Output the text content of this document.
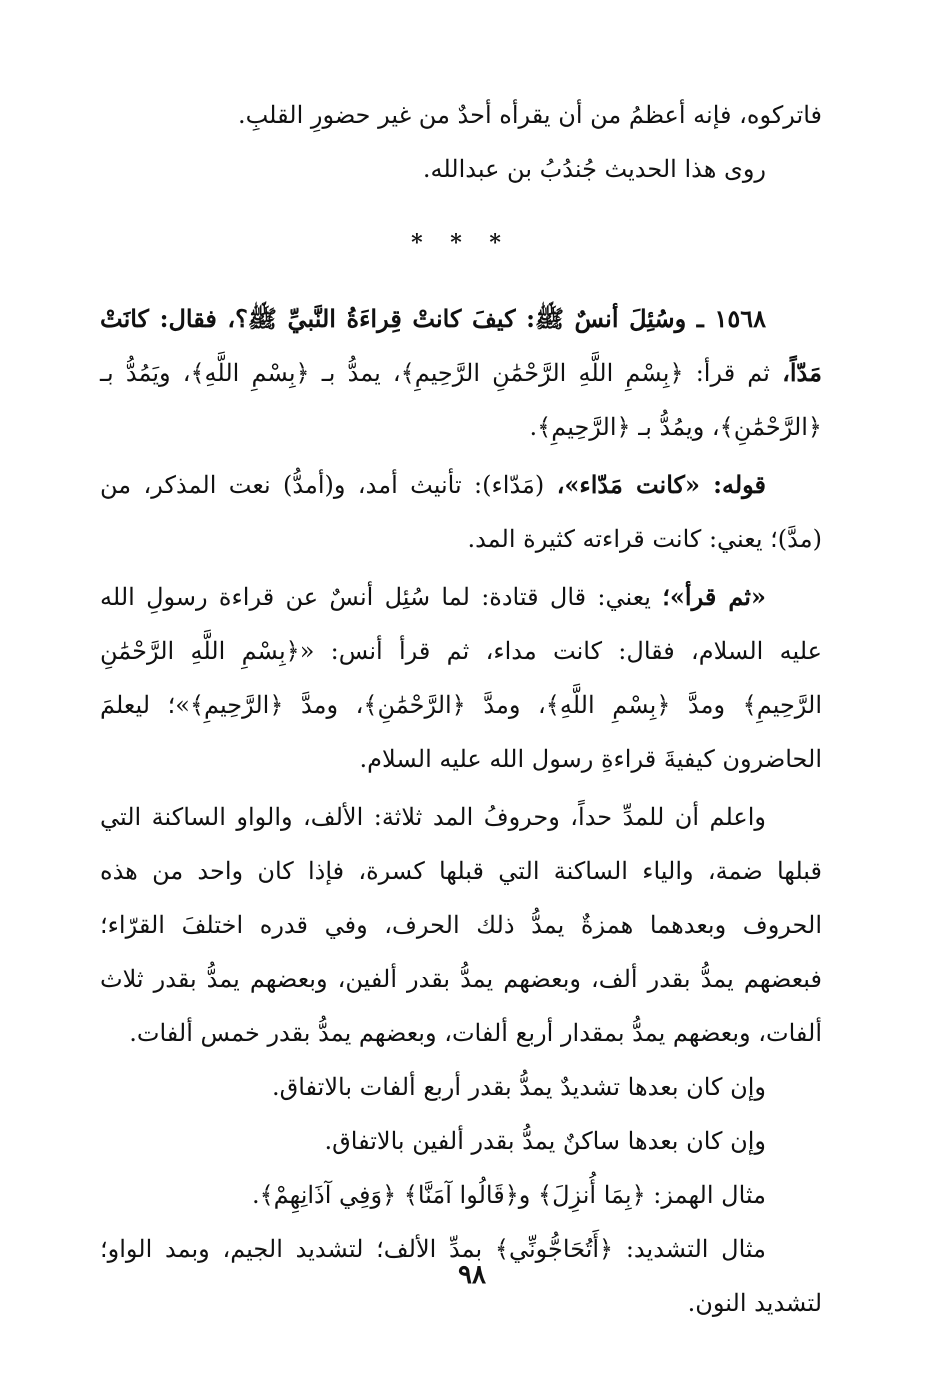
فاتركوه، فإنه أعظمُ من أن يقرأه أحدٌ من غير حضورِ القلبِ.

روى هذا الحديث جُندُبُ بن عبدالله.

* * *

١٥٦٨ ـ وسُئِلَ أنسٌ ﷺ: كيفَ كانتْ قِراءَةُ النَّبيِّ ﷺ؟، فقال: كانَتْ مَدّاً، ثم قرأ: ﴿بِسْمِ اللَّهِ الرَّحْمَٰنِ الرَّحِيمِ﴾، يمدُّ بـ ﴿بِسْمِ اللَّهِ﴾، ويَمُدُّ بـ ﴿الرَّحْمَٰنِ﴾، ويمُدُّ بـ ﴿الرَّحِيمِ﴾.

قوله: «كانت مَدّاء»، (مَدّاء): تأنيث أمد، و(أمدُّ) نعت المذكر، من (مدَّ)؛ يعني: كانت قراءته كثيرة المد.

«ثم قرأ»؛ يعني: قال قتادة: لما سُئِل أنسٌ عن قراءة رسولِ الله عليه السلام، فقال: كانت مداء، ثم قرأ أنس: «﴿بِسْمِ اللَّهِ الرَّحْمَٰنِ الرَّحِيمِ﴾ ومدَّ ﴿بِسْمِ اللَّهِ﴾، ومدَّ ﴿الرَّحْمَٰنِ﴾، ومدَّ ﴿الرَّحِيمِ﴾»؛ ليعلمَ الحاضرون كيفيةَ قراءةِ رسول الله عليه السلام.

واعلم أن للمدِّ حداً، وحروفُ المد ثلاثة: الألف، والواو الساكنة التي قبلها ضمة، والياء الساكنة التي قبلها كسرة، فإذا كان واحد من هذه الحروف وبعدهما همزةٌ يمدُّ ذلك الحرف، وفي قدره اختلفَ القرّاء؛ فبعضهم يمدُّ بقدر ألف، وبعضهم يمدُّ بقدر ألفين، وبعضهم يمدُّ بقدر ثلاث ألفات، وبعضهم يمدُّ بمقدار أربع ألفات، وبعضهم يمدُّ بقدر خمس ألفات.

وإن كان بعدها تشديدٌ يمدُّ بقدر أربع ألفات بالاتفاق.

وإن كان بعدها ساكنٌ يمدُّ بقدر ألفين بالاتفاق.

مثال الهمز: ﴿بِمَا أُنزِلَ﴾ و﴿قَالُوا آمَنَّا﴾ ﴿وَفِي آذَانِهِمْ﴾.

مثال التشديد: ﴿أَتُحَاجُّونِّي﴾ بمدِّ الألف؛ لتشديد الجيم، وبمد الواو؛ لتشديد النون.

٩٨
